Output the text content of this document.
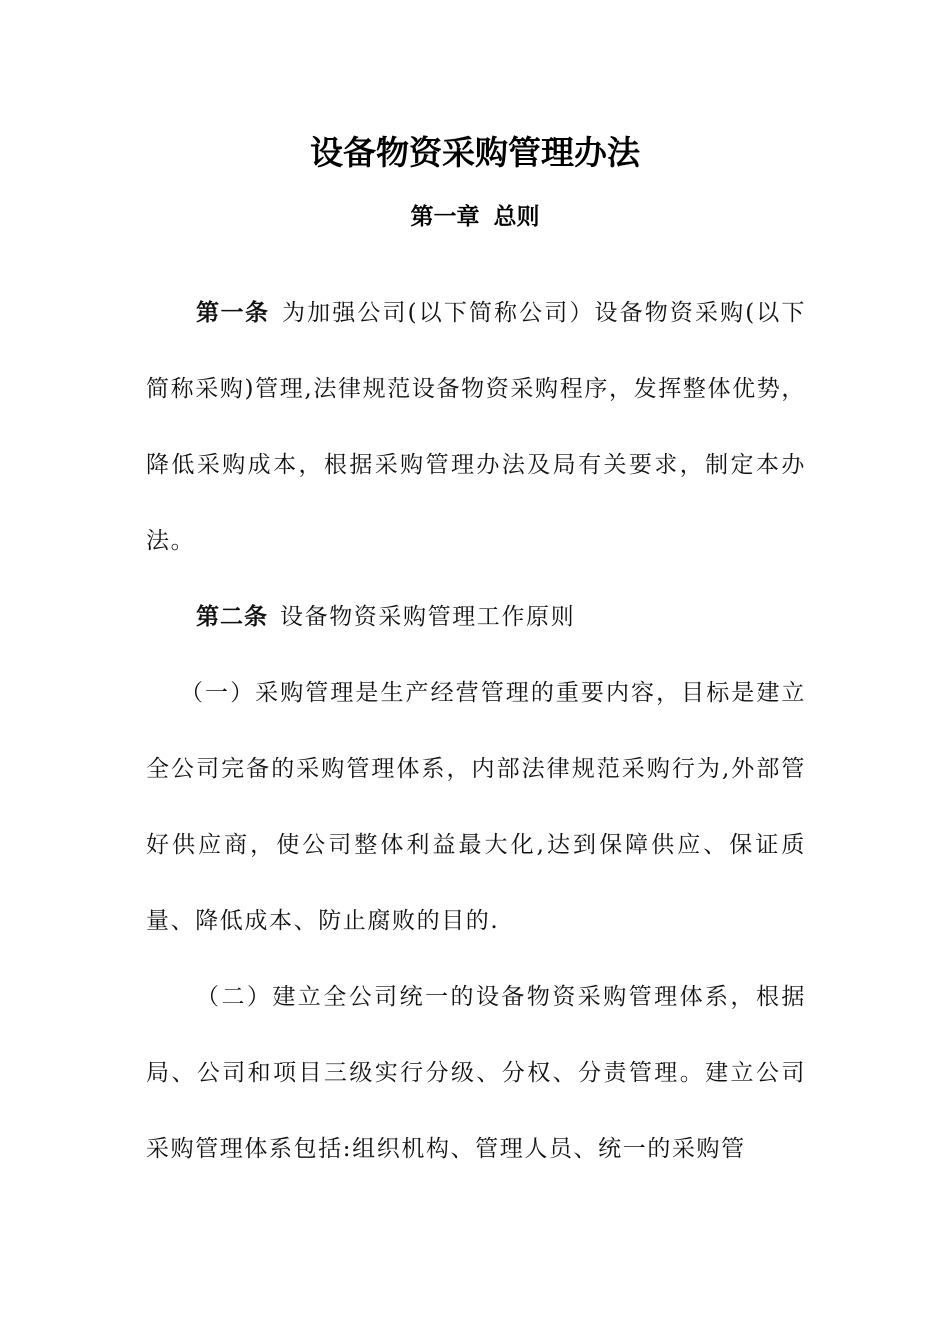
设备物资采购管理办法
第一章 总则

第一条 为加强公司(以下简称公司）设备物资采购(以下简称采购)管理,法律规范设备物资采购程序，发挥整体优势，降低采购成本，根据采购管理办法及局有关要求，制定本办法。

第二条 设备物资采购管理工作原则

（一）采购管理是生产经营管理的重要内容，目标是建立全公司完备的采购管理体系，内部法律规范采购行为,外部管好供应商，使公司整体利益最大化,达到保障供应、保证质量、降低成本、防止腐败的目的.

（二）建立全公司统一的设备物资采购管理体系，根据局、公司和项目三级实行分级、分权、分责管理。建立公司采购管理体系包括:组织机构、管理人员、统一的采购管
